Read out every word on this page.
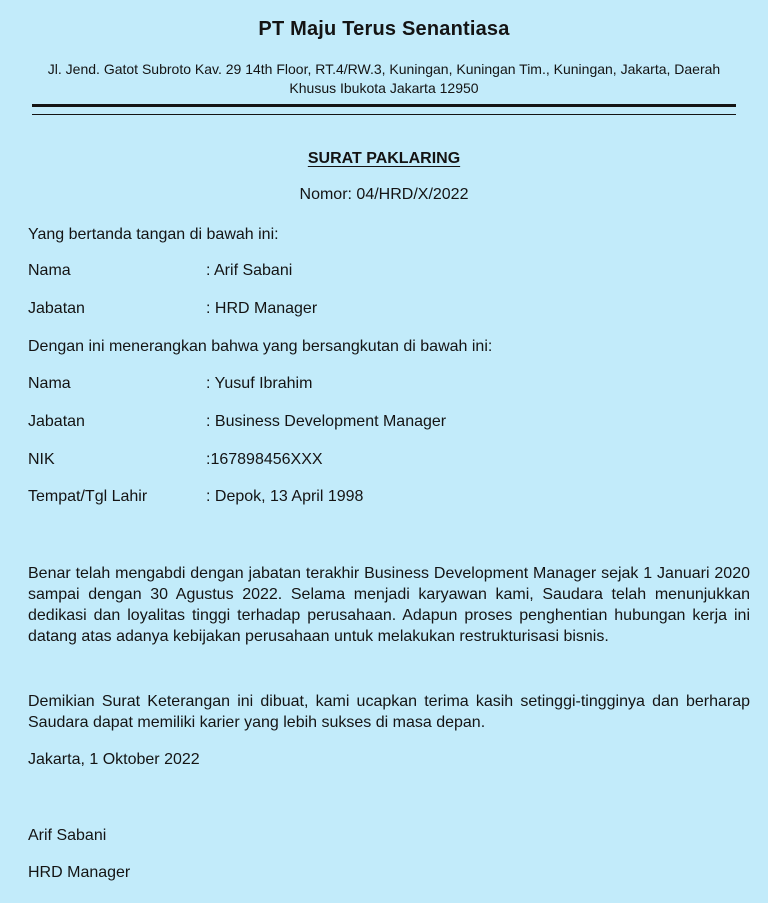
PT Maju Terus Senantiasa
Jl. Jend. Gatot Subroto Kav. 29 14th Floor, RT.4/RW.3, Kuningan, Kuningan Tim., Kuningan, Jakarta, Daerah Khusus Ibukota Jakarta 12950
SURAT PAKLARING
Nomor: 04/HRD/X/2022
Yang bertanda tangan di bawah ini:
Nama	: Arif Sabani
Jabatan	: HRD Manager
Dengan ini menerangkan bahwa yang bersangkutan di bawah ini:
Nama	: Yusuf Ibrahim
Jabatan	: Business Development Manager
NIK	:167898456XXX
Tempat/Tgl Lahir	: Depok, 13 April 1998
Benar telah mengabdi dengan jabatan terakhir Business Development Manager sejak 1 Januari 2020 sampai dengan 30 Agustus 2022. Selama menjadi karyawan kami, Saudara telah menunjukkan dedikasi dan loyalitas tinggi terhadap perusahaan. Adapun proses penghentian hubungan kerja ini datang atas adanya kebijakan perusahaan untuk melakukan restrukturisasi bisnis.
Demikian Surat Keterangan ini dibuat, kami ucapkan terima kasih setinggi-tingginya dan berharap Saudara dapat memiliki karier yang lebih sukses di masa depan.
Jakarta, 1 Oktober 2022
Arif Sabani
HRD Manager
